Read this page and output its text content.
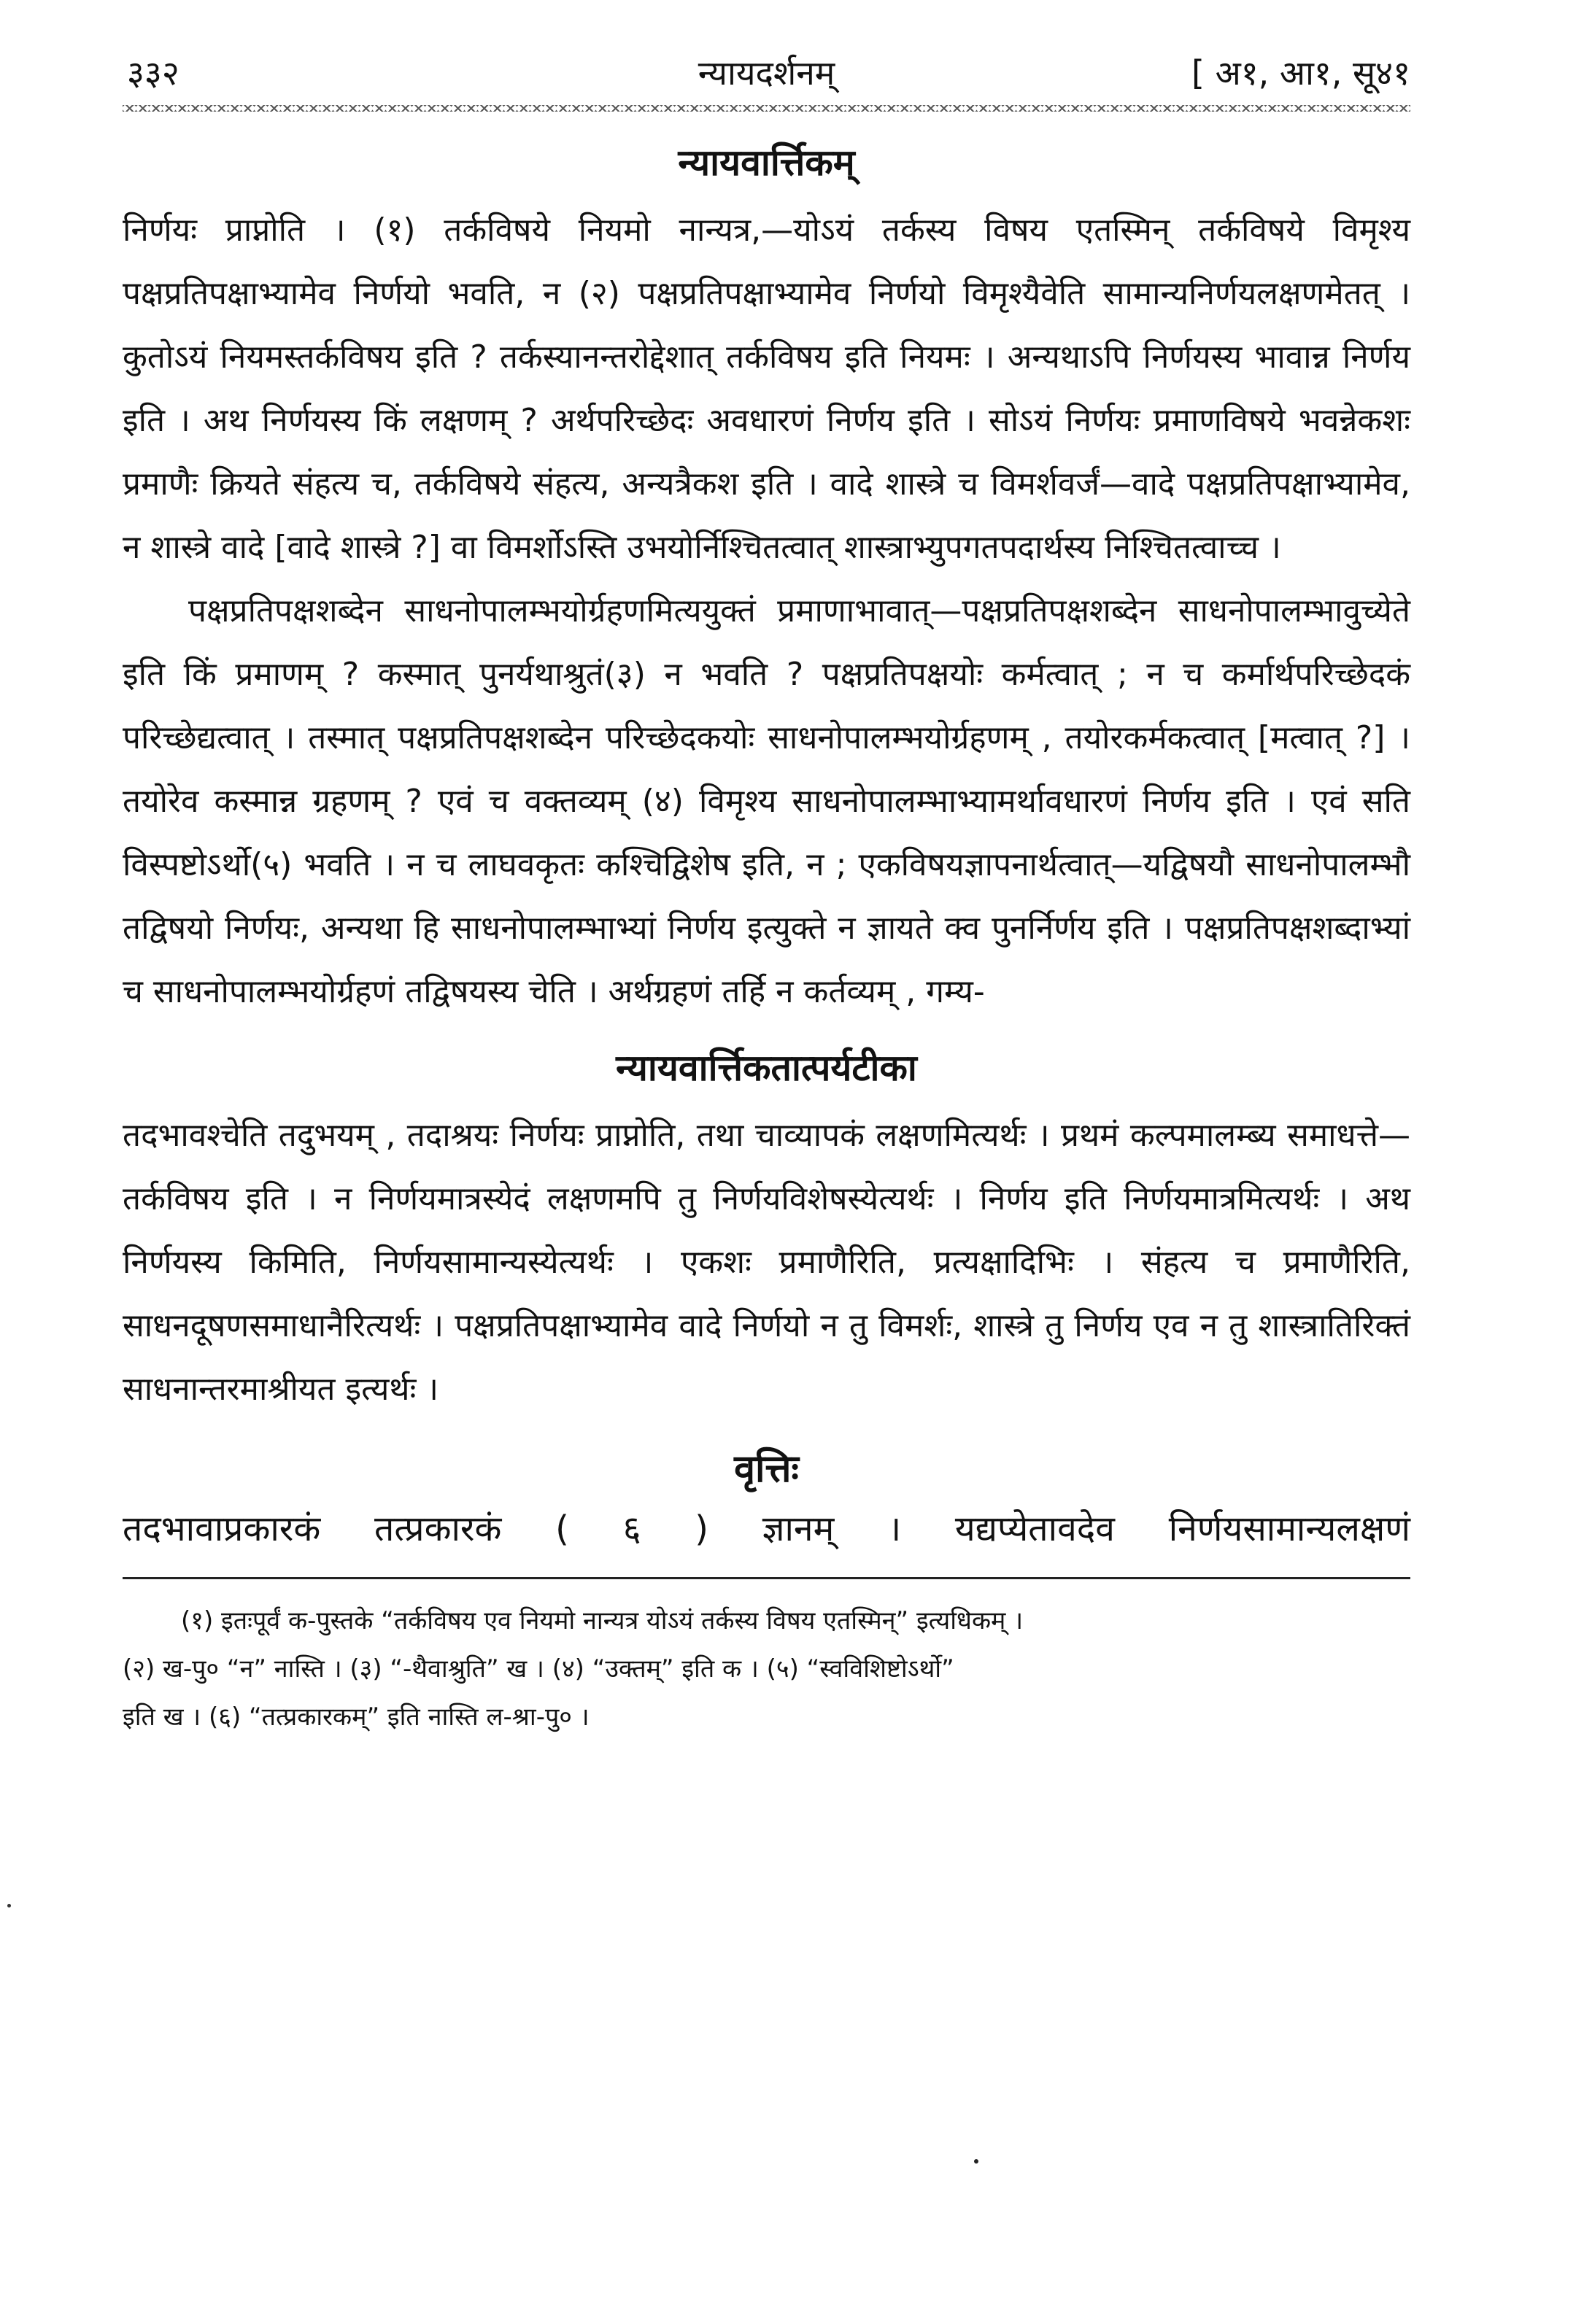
३३२	न्यायदर्शनम्	[ अ१, आ१, सू४१
न्यायवार्त्तिकम्

निर्णयः प्राप्नोति । (१) तर्कविषये नियमो नान्यत्र,—योऽयं तर्कस्य विषय एतस्मिन् तर्कविषये विमृश्य पक्षप्रतिपक्षाभ्यामेव निर्णयो भवति, न (२) पक्षप्रतिपक्षाभ्यामेव निर्णयो विमृश्यैवेति सामान्यनिर्णयलक्षणमेतत् । कुतोऽयं नियमस्तर्कविषय इति ? तर्कस्यानन्तरोद्देशात् तर्कविषय इति नियमः । अन्यथाऽपि निर्णयस्य भावान्न निर्णय इति । अथ निर्णयस्य किं लक्षणम् ? अर्थपरिच्छेदः अवधारणं निर्णय इति । सोऽयं निर्णयः प्रमाणविषये भवन्नेकशः प्रमाणैः क्रियते संहत्य च, तर्कविषये संहत्य, अन्यत्रैकश इति । वादे शास्त्रे च विमर्शवर्जं—वादे पक्षप्रतिपक्षाभ्यामेव, न शास्त्रे वादे [वादे शास्त्रे ?] वा विमर्शोऽस्ति उभयोर्निश्चितत्वात् शास्त्राभ्युपगतपदार्थस्य निश्चितत्वाच्च ।

पक्षप्रतिपक्षशब्देन साधनोपालम्भयोर्ग्रहणमित्ययुक्तं प्रमाणाभावात्—पक्षप्रतिपक्षशब्देन साधनोपालम्भावुच्येते इति किं प्रमाणम् ? कस्मात् पुनर्यथाश्रुतं(३) न भवति ? पक्षप्रतिपक्षयोः कर्मत्वात् ; न च कर्मार्थपरिच्छेदकं परिच्छेद्यत्वात् । तस्मात् पक्षप्रतिपक्षशब्देन परिच्छेदकयोः साधनोपालम्भयोर्ग्रहणम् , तयोरकर्मकत्वात् [मत्वात् ?] । तयोरेव कस्मान्न ग्रहणम् ? एवं च वक्तव्यम् (४) विमृश्य साधनोपालम्भाभ्यामर्थावधारणं निर्णय इति । एवं सति विस्पष्टोऽर्थो(५) भवति । न च लाघवकृतः कश्चिद्विशेष इति, न ; एकविषयज्ञापनार्थत्वात्—यद्विषयौ साधनोपालम्भौ तद्विषयो निर्णयः, अन्यथा हि साधनोपालम्भाभ्यां निर्णय इत्युक्ते न ज्ञायते क्व पुनर्निर्णय इति । पक्षप्रतिपक्षशब्दाभ्यां च साधनोपालम्भयोर्ग्रहणं तद्विषयस्य चेति । अर्थग्रहणं तर्हि न कर्तव्यम् , गम्य-

न्यायवार्त्तिकतात्पर्यटीका

तदभावश्चेति तदुभयम् , तदाश्रयः निर्णयः प्राप्नोति, तथा चाव्यापकं लक्षणमित्यर्थः । प्रथमं कल्पमालम्ब्य समाधत्ते—तर्कविषय इति । न निर्णयमात्रस्येदं लक्षणमपि तु निर्णयविशेषस्येत्यर्थः । निर्णय इति निर्णयमात्रमित्यर्थः । अथ निर्णयस्य किमिति, निर्णयसामान्यस्येत्यर्थः । एकशः प्रमाणैरिति, प्रत्यक्षादिभिः । संहत्य च प्रमाणैरिति, साधनदूषणसमाधानैरित्यर्थः । पक्षप्रतिपक्षाभ्यामेव वादे निर्णयो न तु विमर्शः, शास्त्रे तु निर्णय एव न तु शास्त्रातिरिक्तं साधनान्तरमाश्रीयत इत्यर्थः ।

वृत्तिः
तदभावाप्रकारकं तत्प्रकारकं ( ६ ) ज्ञानम् । यद्यप्येतावदेव निर्णयसामान्यलक्षणं
(१) इतःपूर्वं क-पुस्तके “तर्कविषय एव नियमो नान्यत्र योऽयं तर्कस्य विषय एतस्मिन्” इत्यधिकम् ।
(२) ख-पु० “न” नास्ति । (३) “-थैवाश्रुति” ख । (४) “उक्तम्” इति क । (५) “स्वविशिष्टोऽर्थो”
इति ख । (६) “तत्प्रकारकम्” इति नास्ति ल-श्रा-पु० ।
